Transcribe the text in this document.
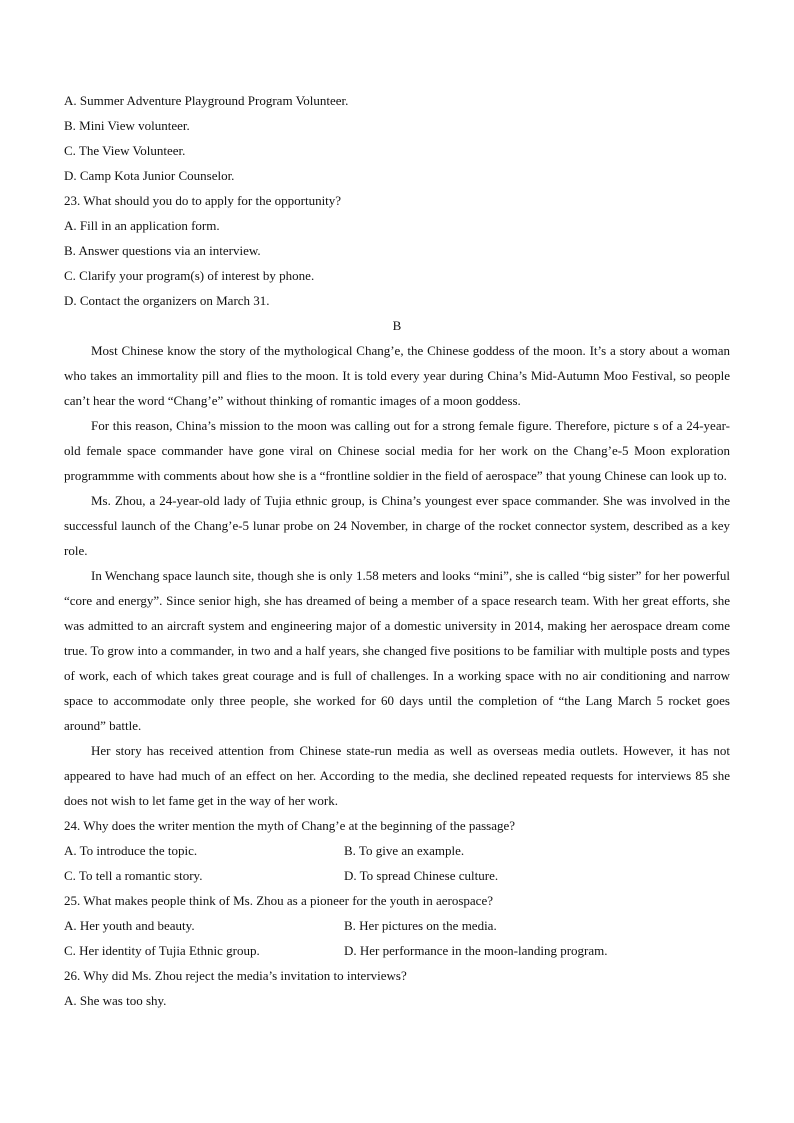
A. Summer Adventure Playground Program Volunteer.
B. Mini View volunteer.
C. The View Volunteer.
D. Camp Kota Junior Counselor.
23. What should you do to apply for the opportunity?
A. Fill in an application form.
B. Answer questions via an interview.
C. Clarify your program(s) of interest by phone.
D. Contact the organizers on March 31.
B

Most Chinese know the story of the mythological Chang’e, the Chinese goddess of the moon. It’s a story about a woman who takes an immortality pill and flies to the moon. It is told every year during China’s Mid-Autumn Moo Festival, so people can’t hear the word “Chang’e” without thinking of romantic images of a moon goddess.

For this reason, China’s mission to the moon was calling out for a strong female figure. Therefore, picture s of a 24-year-old female space commander have gone viral on Chinese social media for her work on the Chang’e-5 Moon exploration programmme with comments about how she is a “frontline soldier in the field of aerospace” that young Chinese can look up to.

Ms. Zhou, a 24-year-old lady of Tujia ethnic group, is China’s youngest ever space commander. She was involved in the successful launch of the Chang’e-5 lunar probe on 24 November, in charge of the rocket connector system, described as a key role.

In Wenchang space launch site, though she is only 1.58 meters and looks “mini”, she is called “big sister” for her powerful “core and energy”. Since senior high, she has dreamed of being a member of a space research team. With her great efforts, she was admitted to an aircraft system and engineering major of a domestic university in 2014, making her aerospace dream come true. To grow into a commander, in two and a half years, she changed five positions to be familiar with multiple posts and types of work, each of which takes great courage and is full of challenges. In a working space with no air conditioning and narrow space to accommodate only three people, she worked for 60 days until the completion of “the Lang March 5 rocket goes around” battle.

Her story has received attention from Chinese state-run media as well as overseas media outlets. However, it has not appeared to have had much of an effect on her. According to the media, she declined repeated requests for interviews 85 she does not wish to let fame get in the way of her work.

24. Why does the writer mention the myth of Chang’e at the beginning of the passage?
A. To introduce the topic.	B. To give an example.
C. To tell a romantic story.	D. To spread Chinese culture.
25. What makes people think of Ms. Zhou as a pioneer for the youth in aerospace?
A. Her youth and beauty.	B. Her pictures on the media.
C. Her identity of Tujia Ethnic group.	D. Her performance in the moon-landing program.
26. Why did Ms. Zhou reject the media’s invitation to interviews?
A. She was too shy.
